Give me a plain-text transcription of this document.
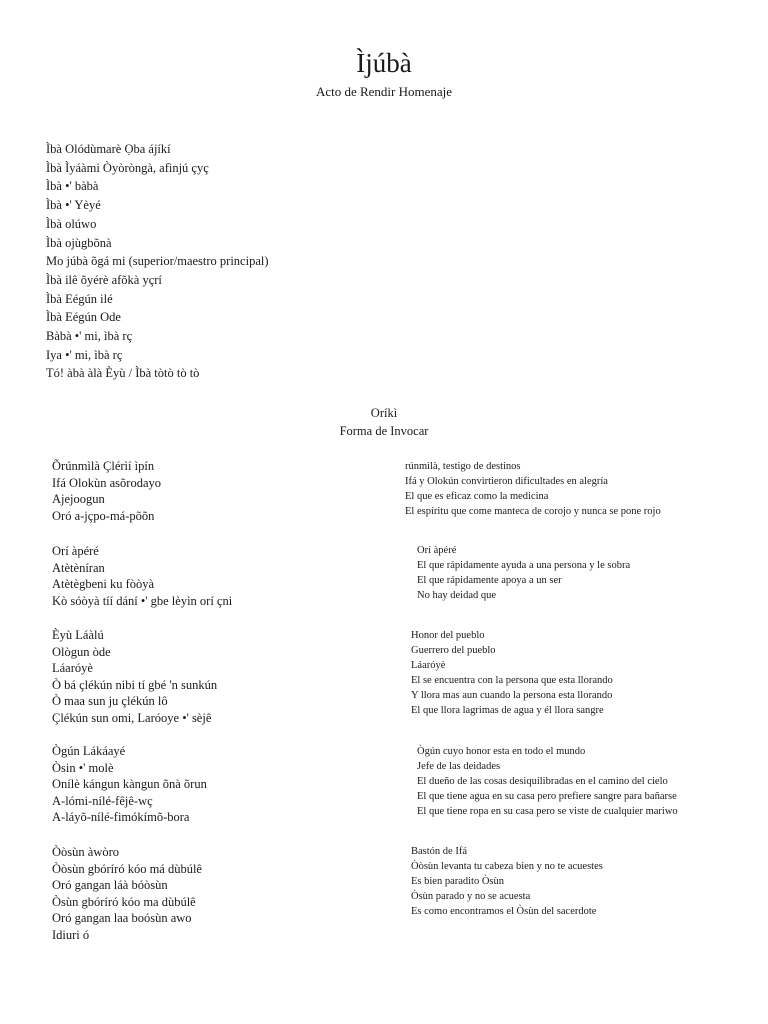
Ìjúbà
Acto de Rendir Homenaje
Ìbà Olódùmarè Ọba ájíkí
Ìbà Ìyáàmi Òyòròngà, afìnjú çyç
Ìbà •' bàbà
Ìbà •' Yèyé
Ìbà olúwo
Ìbà ojùgbõnà
Mo júbà õgá mi (superior/maestro principal)
Ìbà ilê õyérè afõkà yçrí
Ìbà Eégún ilé
Ìbà Eégún Ode
Bàbà •' mi, ìbà rç
Iya •' mi, ìbà rç
Tó! àbà àlà Èyù / Ìbà tòtò tò tò
Oríkì
Forma de Invocar
Õrúnmìlà Çlérìí ìpín
Ifá Olokùn asõrodayo
Ajejoogun
Oró a-jçpo-má-põõn
rúnmìlà, testigo de destinos
Ifá y Olokún convirtieron dificultades en alegría
El que es eficaz como la medicina
El espíritu que come manteca de corojo y nunca se pone rojo
Orí àpéré
Atètèníran
Atètègbeni ku fòòyà
Kò sóòyà tíí dání •' gbe lèyìn orí çni
Orí àpéré
El que rápidamente ayuda a una persona y le sobra
El que rápidamente apoya a un ser
No hay deidad que
Èyù Láàlú
Ològun òde
Láaróyè
Ò bá çlékún nibi tí gbé 'n sunkún
Ò maa sun ju çlékún lô
Çlékún sun omi, Laróoye •' sèjê
Honor del pueblo
Guerrero del pueblo
Láaróyè
El se encuentra con la persona que esta llorando
Y llora mas aun cuando la persona esta llorando
El que llora lagrimas de agua y él llora sangre
Ògún Lákáayé
Òsin •' molè
Onílè kángun kàngun õnà õrun
A-lómi-nílé-fêjê-wç
A-láyõ-nílé-fimókímõ-bora
Ògún cuyo honor esta en todo el mundo
Jefe de las deidades
El dueño de las cosas desiquilibradas en el camino del cielo
El que tiene agua en su casa pero prefiere sangre para bañarse
El que tiene ropa en su casa pero se viste de cualquier mariwo
Òòsùn àwòro
Òòsùn gbóríró kóo má dùbúlê
Oró gangan láà bóòsùn
Òsùn gbóríró kóo ma dùbúlê
Oró gangan laa boósùn awo
Idiuri ó
Bastón de Ifá
Òòsùn levanta tu cabeza bien y no te acuestes
Es bien paradito Òsùn
Òsùn parado y no se acuesta
Es como encontramos el Òsùn del sacerdote
